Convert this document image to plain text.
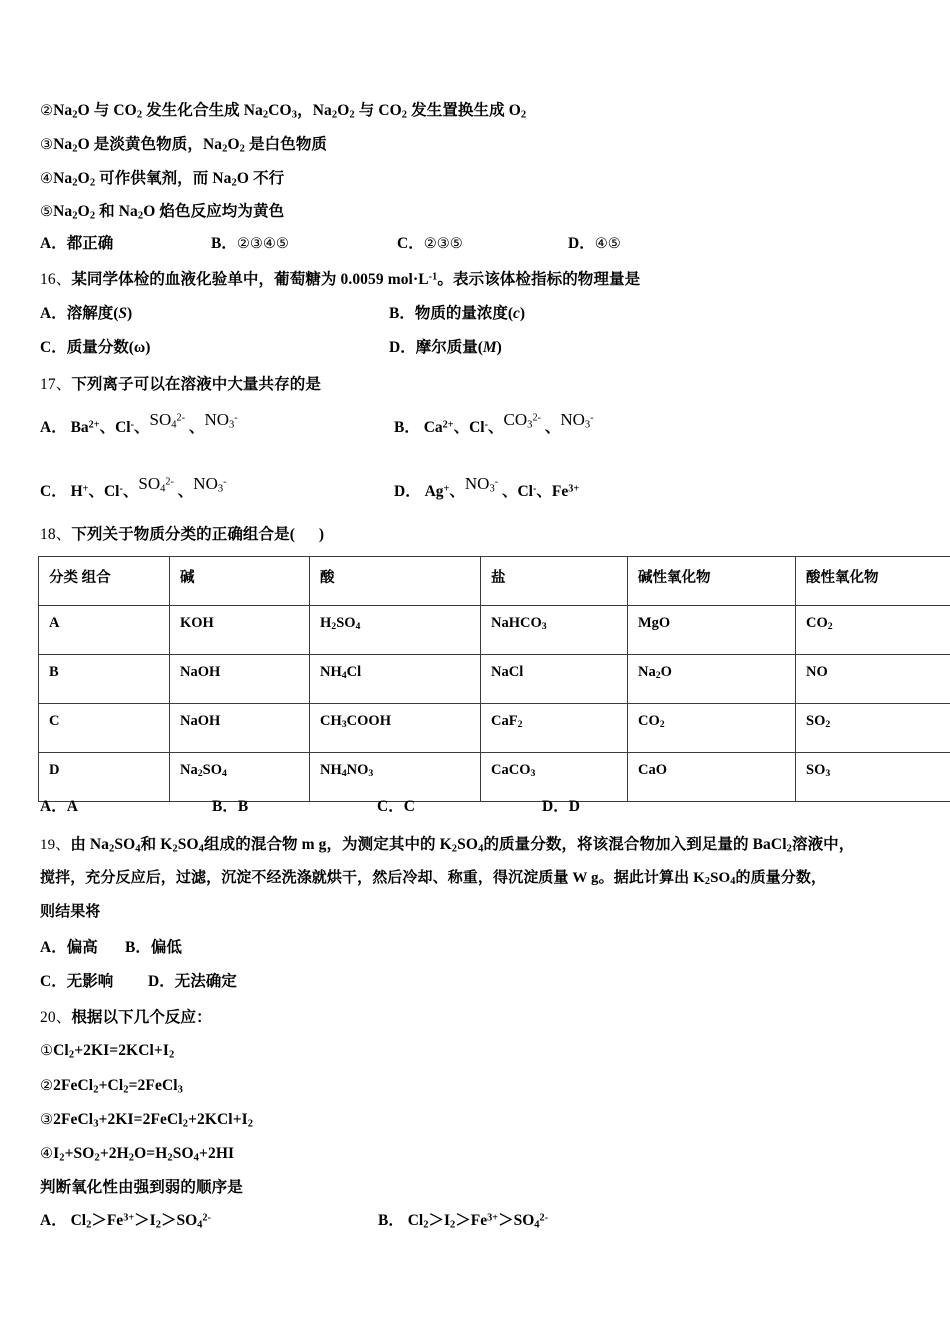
$②Na_2O$ 与 $CO_2$ 发生化合生成 $Na_2CO_3$，$Na_2O_2$ 与 $CO_2$ 发生置换生成 $O_2$
$③Na_2O$ 是淡黄色物质，$Na_2O_2$ 是白色物质
$④Na_2O_2$ 可作供氧剂，而 $Na_2O$ 不行
$⑤Na_2O_2$ 和 $Na_2O$ 焰色反应均为黄色
A．都正确	B．②③④⑤	C．②③⑤	D．④⑤
16、某同学体检的血液化验单中，葡萄糖为 0.0059 $mol\cdot L^{-1}$。表示该体检指标的物理量是
A．溶解度(S)	B．物质的量浓度(c)
C．质量分数(ω)	D．摩尔质量(M)
17、下列离子可以在溶液中大量共存的是
A． $Ba^{2+}$、Cl-、$SO_4^{2-}$ 、$NO_3^-$
B． $Ca^{2+}$、Cl-、$CO_3^{2-}$ 、$NO_3^-$
C． H+、Cl-、$SO_4^{2-}$ 、$NO_3^-$
D． Ag+、$NO_3^-$ 、Cl-、$Fe^{3+}$
18、下列关于物质分类的正确组合是(      )
分类 组合	碱	酸	盐	碱性氧化物	酸性氧化物
A	KOH	$H_2SO_4$	NaHCO$_3$	MgO	$CO_2$
B	NaOH	$NH_4Cl$	NaCl	$Na_2O$	NO
C	NaOH	$CH_3COOH$	CaF$_2$	$CO_2$	$SO_2$
D	$Na_2SO_4$	$NH_4NO_3$	CaCO$_3$	CaO	$SO_3$
A．A	B．B	C．C	D．D
19、由 $Na_2SO_4$和 $K_2SO_4$组成的混合物 m g，为测定其中的 $K_2SO_4$的质量分数，将该混合物加入到足量的 BaCl$_2$溶液中，
搅拌，充分反应后，过滤，沉淀不经洗涤就烘干，然后冷却、称重，得沉淀质量 W g。据此计算出 $K_2SO_4$的质量分数，
则结果将
A．偏高 B．偏低
C．无影响 D．无法确定
20、根据以下几个反应：
$①Cl_2+2KI=2KCl+I_2$
$②2FeCl_2+Cl_2=2FeCl_3$
$③2FeCl_3+2KI=2FeCl_2+2KCl+I_2$
$④I_2+SO_2+2H_2O=H_2SO_4+2HI$
判断氧化性由强到弱的顺序是
A． $Cl_2>Fe^{3+}>I_2>SO_4^{2-}$	B． $Cl_2>I_2>Fe^{3+}>SO_4^{2-}$
